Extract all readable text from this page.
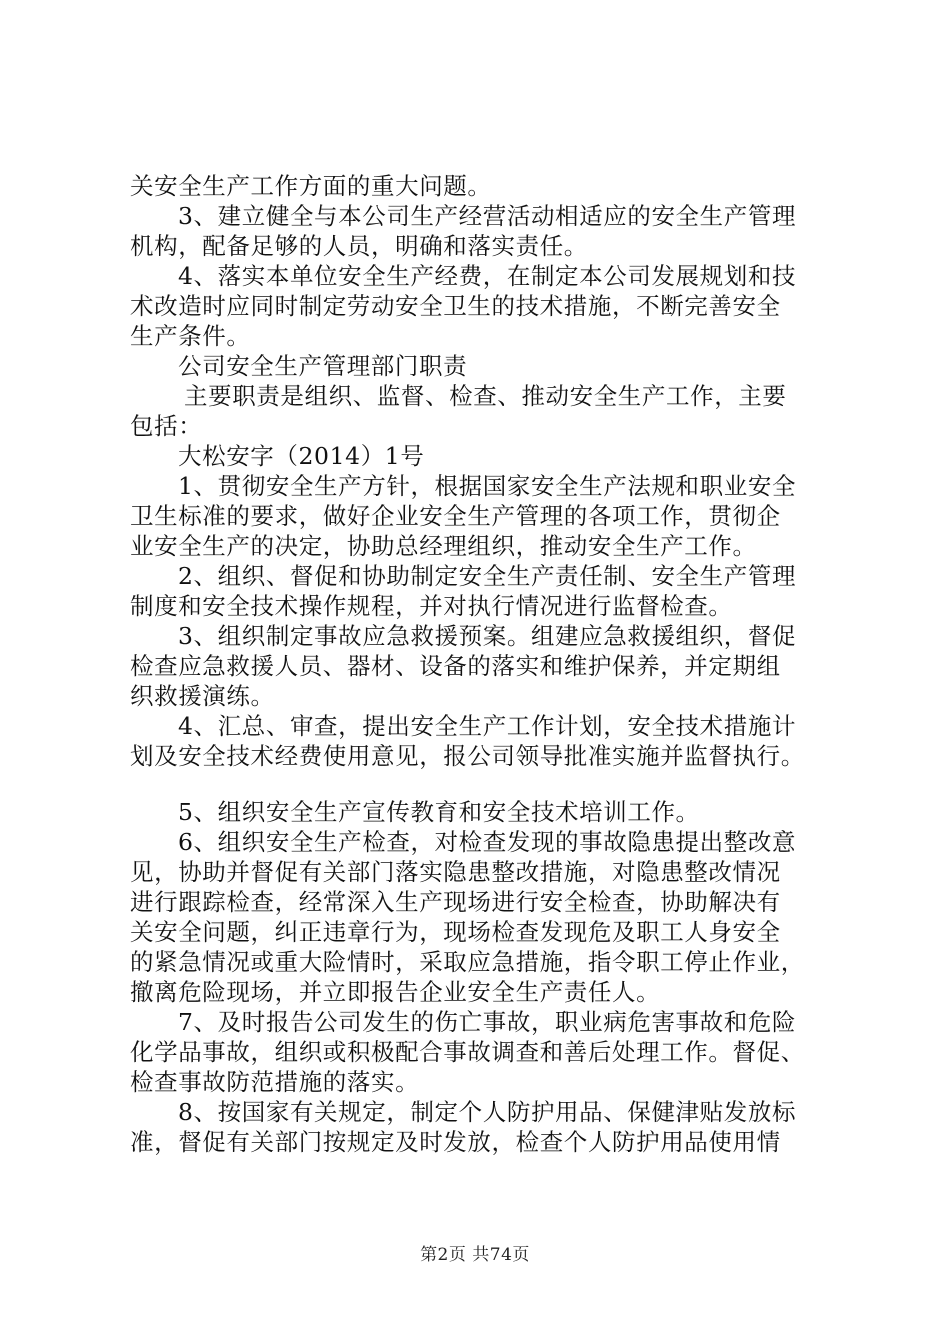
关安全生产工作方面的重大问题。
3、建立健全与本公司生产经营活动相适应的安全生产管理
机构，配备足够的人员，明确和落实责任。
4、落实本单位安全生产经费，在制定本公司发展规划和技
术改造时应同时制定劳动安全卫生的技术措施，不断完善安全
生产条件。
公司安全生产管理部门职责
主要职责是组织、监督、检查、推动安全生产工作，主要
包括：
大松安字（2014）1号
1、贯彻安全生产方针，根据国家安全生产法规和职业安全
卫生标准的要求，做好企业安全生产管理的各项工作，贯彻企
业安全生产的决定，协助总经理组织，推动安全生产工作。
2、组织、督促和协助制定安全生产责任制、安全生产管理
制度和安全技术操作规程，并对执行情况进行监督检查。
3、组织制定事故应急救援预案。组建应急救援组织，督促
检查应急救援人员、器材、设备的落实和维护保养，并定期组
织救援演练。
4、汇总、审查，提出安全生产工作计划，安全技术措施计
划及安全技术经费使用意见，报公司领导批准实施并监督执行。
5、组织安全生产宣传教育和安全技术培训工作。
6、组织安全生产检查，对检查发现的事故隐患提出整改意
见，协助并督促有关部门落实隐患整改措施，对隐患整改情况
进行跟踪检查，经常深入生产现场进行安全检查，协助解决有
关安全问题，纠正违章行为，现场检查发现危及职工人身安全
的紧急情况或重大险情时，采取应急措施，指令职工停止作业，
撤离危险现场，并立即报告企业安全生产责任人。
7、及时报告公司发生的伤亡事故，职业病危害事故和危险
化学品事故，组织或积极配合事故调查和善后处理工作。督促、
检查事故防范措施的落实。
8、按国家有关规定，制定个人防护用品、保健津贴发放标
准，督促有关部门按规定及时发放，检查个人防护用品使用情
第2页 共74页
